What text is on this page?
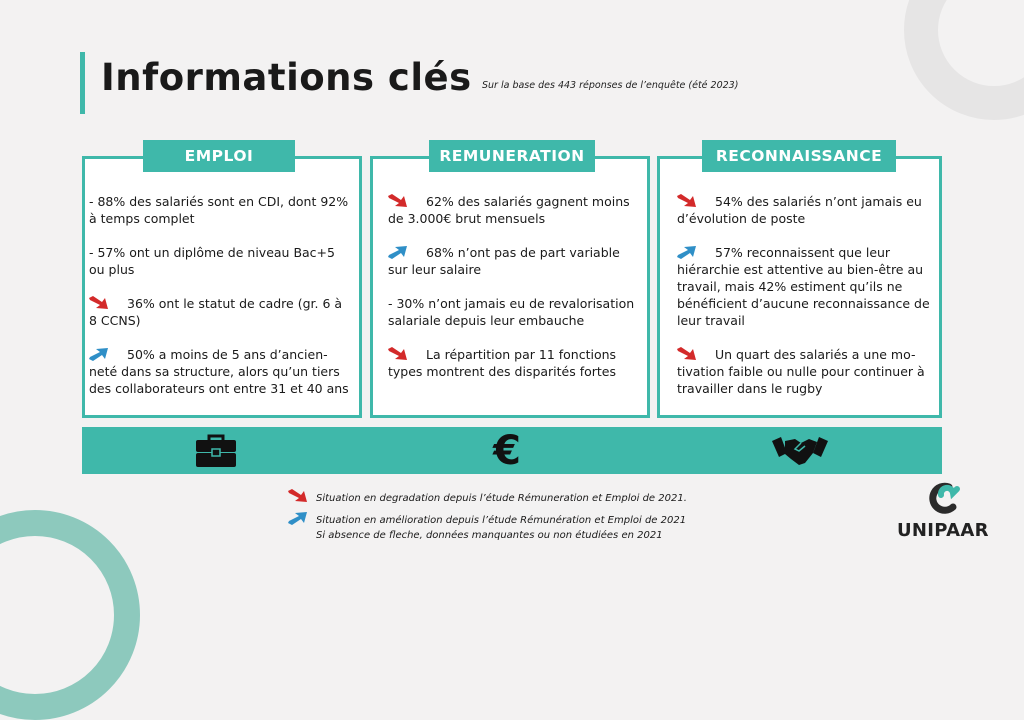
Informations clés Sur la base des 443 réponses de l’enquête (été 2023)
EMPLOI
- 88% des salariés sont en CDI, dont 92% à temps complet
- 57% ont un diplôme de niveau Bac+5 ou plus
36% ont le statut de cadre (gr. 6 à 8 CCNS)
50% a moins de 5 ans d’ancien-neté dans sa structure, alors qu’un tiers des collaborateurs ont entre 31 et 40 ans
REMUNERATION
62% des salariés gagnent moins de 3.000€ brut mensuels
68% n’ont pas de part variable sur leur salaire
- 30% n’ont jamais eu de revalorisation salariale depuis leur embauche
La répartition par 11 fonctions types montrent des disparités fortes
RECONNAISSANCE
54% des salariés n’ont jamais eu d’évolution de poste
57% reconnaissent que leur hiérarchie est attentive au bien-être au travail, mais 42% estiment qu’ils ne bénéficient d’aucune reconnaissance de leur travail
Un quart des salariés a une mo-tivation faible ou nulle pour continuer à travailler dans le rugby
€
Situation en degradation depuis l’étude Rémuneration et Emploi de 2021.
Situation en amélioration depuis l’étude Rémunération et Emploi de 2021
Si absence de fleche, données manquantes ou non étudiées en 2021	UNIPAAR
